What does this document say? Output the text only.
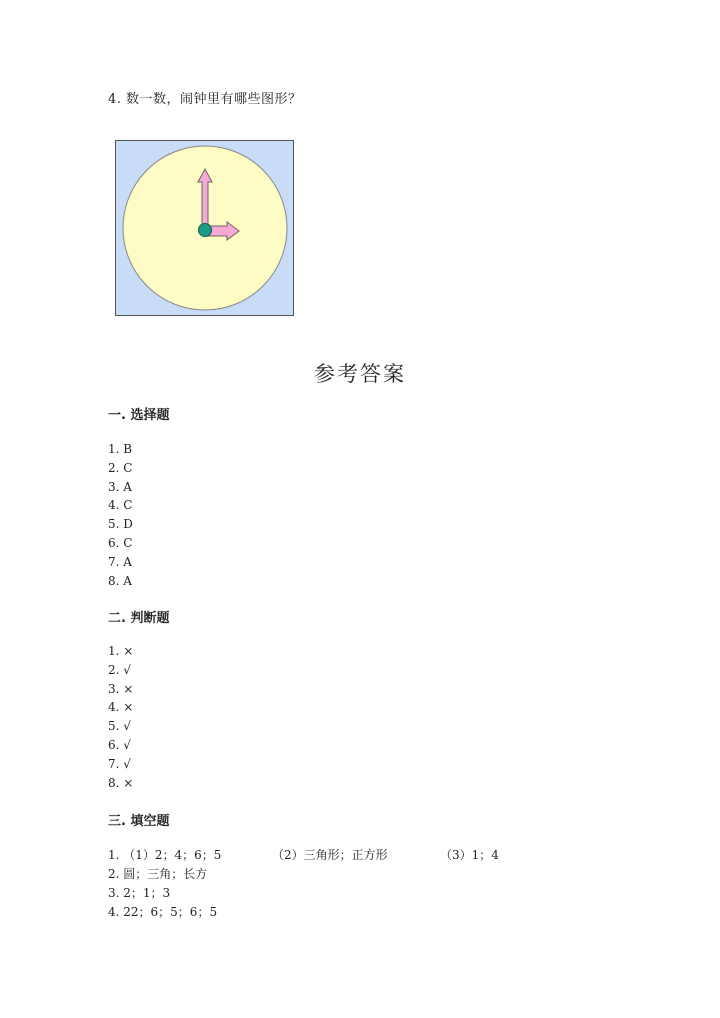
4. 数一数，闹钟里有哪些图形？
参考答案
一. 选择题
1. B
2. C
3. A
4. C
5. D
6. C
7. A
8. A
二. 判断题
1. ×
2. √
3. ×
4. ×
5. √
6. √
7. √
8. ×
三. 填空题
1. （1）2；4；6；5	（2）三角形；正方形	（3）1；4
2. 圆；三角；长方
3. 2；1；3
4. 22；6；5；6；5
